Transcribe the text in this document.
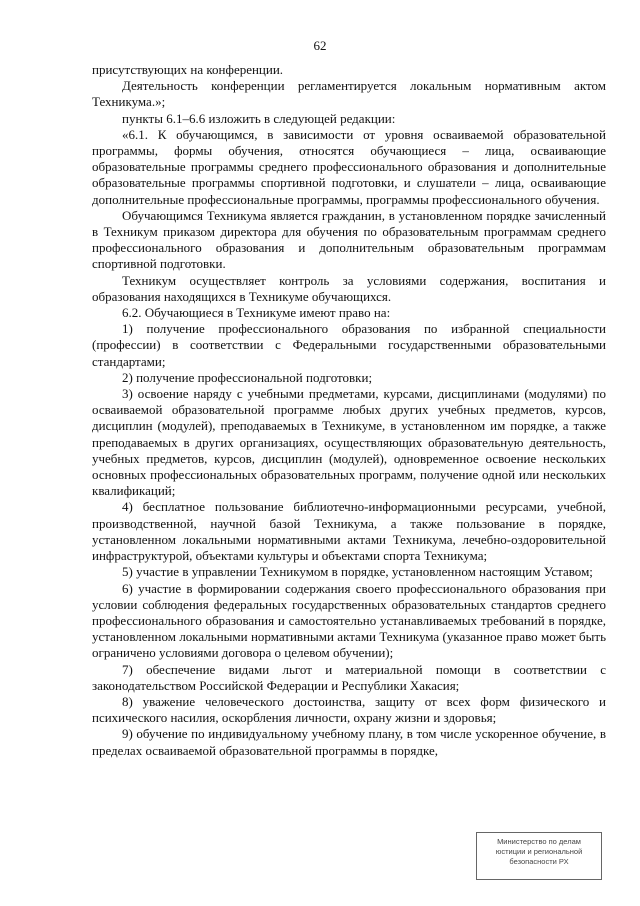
62

присутствующих на конференции.

Деятельность конференции регламентируется локальным нормативным актом Техникума.»;

пункты 6.1–6.6 изложить в следующей редакции:

«6.1. К обучающимся, в зависимости от уровня осваиваемой образовательной программы, формы обучения, относятся обучающиеся – лица, осваивающие образовательные программы среднего профессионального образования и дополнительные образовательные программы спортивной подготовки, и слушатели – лица, осваивающие дополнительные профессиональные программы, программы профессионального обучения.

Обучающимся Техникума является гражданин, в установленном порядке зачисленный в Техникум приказом директора для обучения по образовательным программам среднего профессионального образования и дополнительным образовательным программам спортивной подготовки.

Техникум осуществляет контроль за условиями содержания, воспитания и образования находящихся в Техникуме обучающихся.

6.2. Обучающиеся в Техникуме имеют право на:

1) получение профессионального образования по избранной специальности (профессии) в соответствии с Федеральными государственными образовательными стандартами;

2) получение профессиональной подготовки;

3) освоение наряду с учебными предметами, курсами, дисциплинами (модулями) по осваиваемой образовательной программе любых других учебных предметов, курсов, дисциплин (модулей), преподаваемых в Техникуме, в установленном им порядке, а также преподаваемых в других организациях, осуществляющих образовательную деятельность, учебных предметов, курсов, дисциплин (модулей), одновременное освоение нескольких основных профессиональных образовательных программ, получение одной или нескольких квалификаций;

4) бесплатное пользование библиотечно-информационными ресурсами, учебной, производственной, научной базой Техникума, а также пользование в порядке, установленном локальными нормативными актами Техникума, лечебно-оздоровительной инфраструктурой, объектами культуры и объектами спорта Техникума;

5) участие в управлении Техникумом в порядке, установленном настоящим Уставом;

6) участие в формировании содержания своего профессионального образования при условии соблюдения федеральных государственных образовательных стандартов среднего профессионального образования и самостоятельно устанавливаемых требований в порядке, установленном локальными нормативными актами Техникума (указанное право может быть ограничено условиями договора о целевом обучении);

7) обеспечение видами льгот и материальной помощи в соответствии с законодательством Российской Федерации и Республики Хакасия;

8) уважение человеческого достоинства, защиту от всех форм физического и психического насилия, оскорбления личности, охрану жизни и здоровья;

9) обучение по индивидуальному учебному плану, в том числе ускоренное обучение, в пределах осваиваемой образовательной программы в порядке,

Министерство по делам
юстиции и региональной
безопасности РХ
